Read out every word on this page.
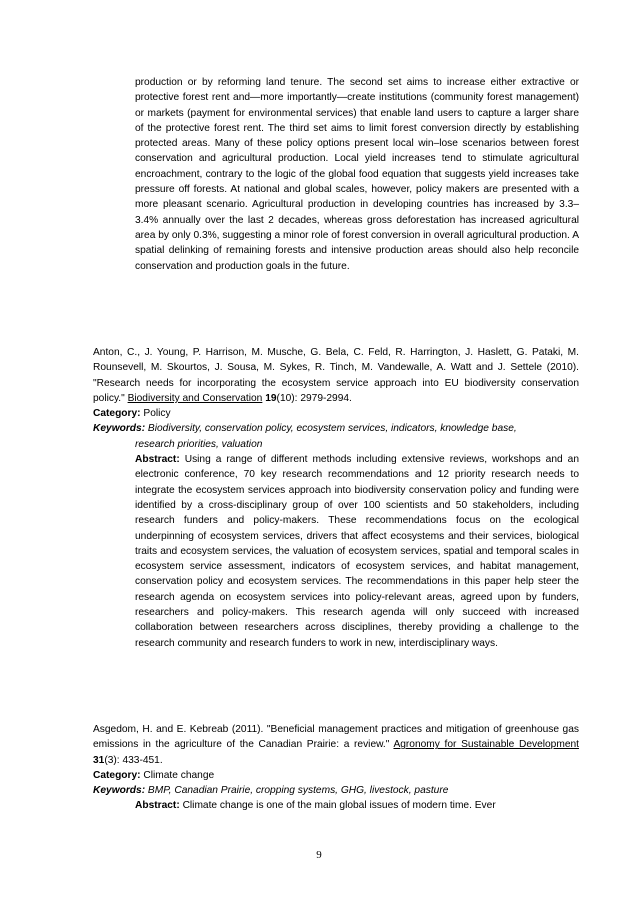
production or by reforming land tenure. The second set aims to increase either extractive or protective forest rent and—more importantly—create institutions (community forest management) or markets (payment for environmental services) that enable land users to capture a larger share of the protective forest rent. The third set aims to limit forest conversion directly by establishing protected areas. Many of these policy options present local win–lose scenarios between forest conservation and agricultural production. Local yield increases tend to stimulate agricultural encroachment, contrary to the logic of the global food equation that suggests yield increases take pressure off forests. At national and global scales, however, policy makers are presented with a more pleasant scenario. Agricultural production in developing countries has increased by 3.3–3.4% annually over the last 2 decades, whereas gross deforestation has increased agricultural area by only 0.3%, suggesting a minor role of forest conversion in overall agricultural production. A spatial delinking of remaining forests and intensive production areas should also help reconcile conservation and production goals in the future.
Anton, C., J. Young, P. Harrison, M. Musche, G. Bela, C. Feld, R. Harrington, J. Haslett, G. Pataki, M. Rounsevell, M. Skourtos, J. Sousa, M. Sykes, R. Tinch, M. Vandewalle, A. Watt and J. Settele (2010). "Research needs for incorporating the ecosystem service approach into EU biodiversity conservation policy." Biodiversity and Conservation 19(10): 2979-2994.
Category: Policy
Keywords: Biodiversity, conservation policy, ecosystem services, indicators, knowledge base,
research priorities, valuation
Abstract: Using a range of different methods including extensive reviews, workshops and an electronic conference, 70 key research recommendations and 12 priority research needs to integrate the ecosystem services approach into biodiversity conservation policy and funding were identified by a cross-disciplinary group of over 100 scientists and 50 stakeholders, including research funders and policy-makers. These recommendations focus on the ecological underpinning of ecosystem services, drivers that affect ecosystems and their services, biological traits and ecosystem services, the valuation of ecosystem services, spatial and temporal scales in ecosystem service assessment, indicators of ecosystem services, and habitat management, conservation policy and ecosystem services. The recommendations in this paper help steer the research agenda on ecosystem services into policy-relevant areas, agreed upon by funders, researchers and policy-makers. This research agenda will only succeed with increased collaboration between researchers across disciplines, thereby providing a challenge to the research community and research funders to work in new, interdisciplinary ways.
Asgedom, H. and E. Kebreab (2011). "Beneficial management practices and mitigation of greenhouse gas emissions in the agriculture of the Canadian Prairie: a review." Agronomy for Sustainable Development 31(3): 433-451.
Category: Climate change
Keywords: BMP, Canadian Prairie, cropping systems, GHG, livestock, pasture
Abstract: Climate change is one of the main global issues of modern time. Ever
9
